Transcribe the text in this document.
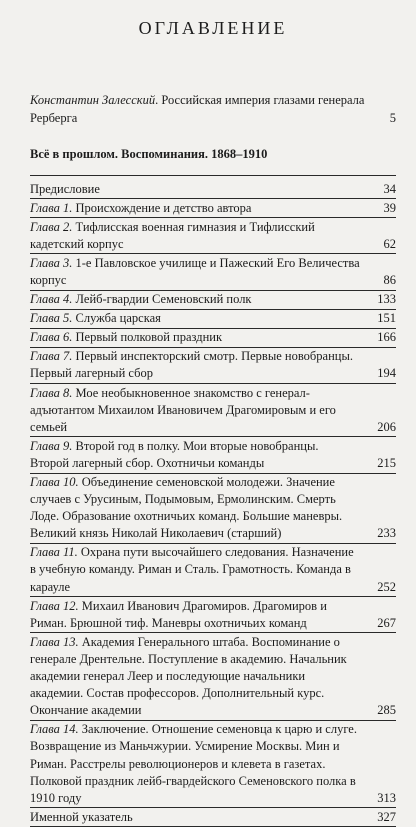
ОГЛАВЛЕНИЕ
Константин Залесский. Российская империя глазами генерала Рерберга	5
Всё в прошлом. Воспоминания. 1868–1910
Предисловие	34
Глава 1. Происхождение и детство автора	39
Глава 2. Тифлисская военная гимназия и Тифлисский кадетский корпус	62
Глава 3. 1-е Павловское училище и Пажеский Его Величества корпус	86
Глава 4. Лейб-гвардии Семеновский полк	133
Глава 5. Служба царская	151
Глава 6. Первый полковой праздник	166
Глава 7. Первый инспекторский смотр. Первые новобранцы. Первый лагерный сбор	194
Глава 8. Мое необыкновенное знакомство с генерал-адъютантом Михаилом Ивановичем Драгомировым и его семьей	206
Глава 9. Второй год в полку. Мои вторые новобранцы. Второй лагерный сбор. Охотничьи команды	215
Глава 10. Объединение семеновской молодежи. Значение случаев с Урусиным, Подымовым, Ермолинским. Смерть Лоде. Образование охотничьих команд. Большие маневры. Великий князь Николай Николаевич (старший)	233
Глава 11. Охрана пути высочайшего следования. Назначение в учебную команду. Риман и Сталь. Грамотность. Команда в карауле	252
Глава 12. Михаил Иванович Драгомиров. Драгомиров и Риман. Брюшной тиф. Маневры охотничьих команд	267
Глава 13. Академия Генерального штаба. Воспоминание о генерале Дрентельне. Поступление в академию. Начальник академии генерал Леер и последующие начальники академии. Состав профессоров. Дополнительный курс. Окончание академии	285
Глава 14. Заключение. Отношение семеновца к царю и слуге. Возвращение из Маньчжурии. Усмирение Москвы. Мин и Риман. Расстрелы революционеров и клевета в газетах. Полковой праздник лейб-гвардейского Семеновского полка в 1910 году	313
Именной указатель	327
